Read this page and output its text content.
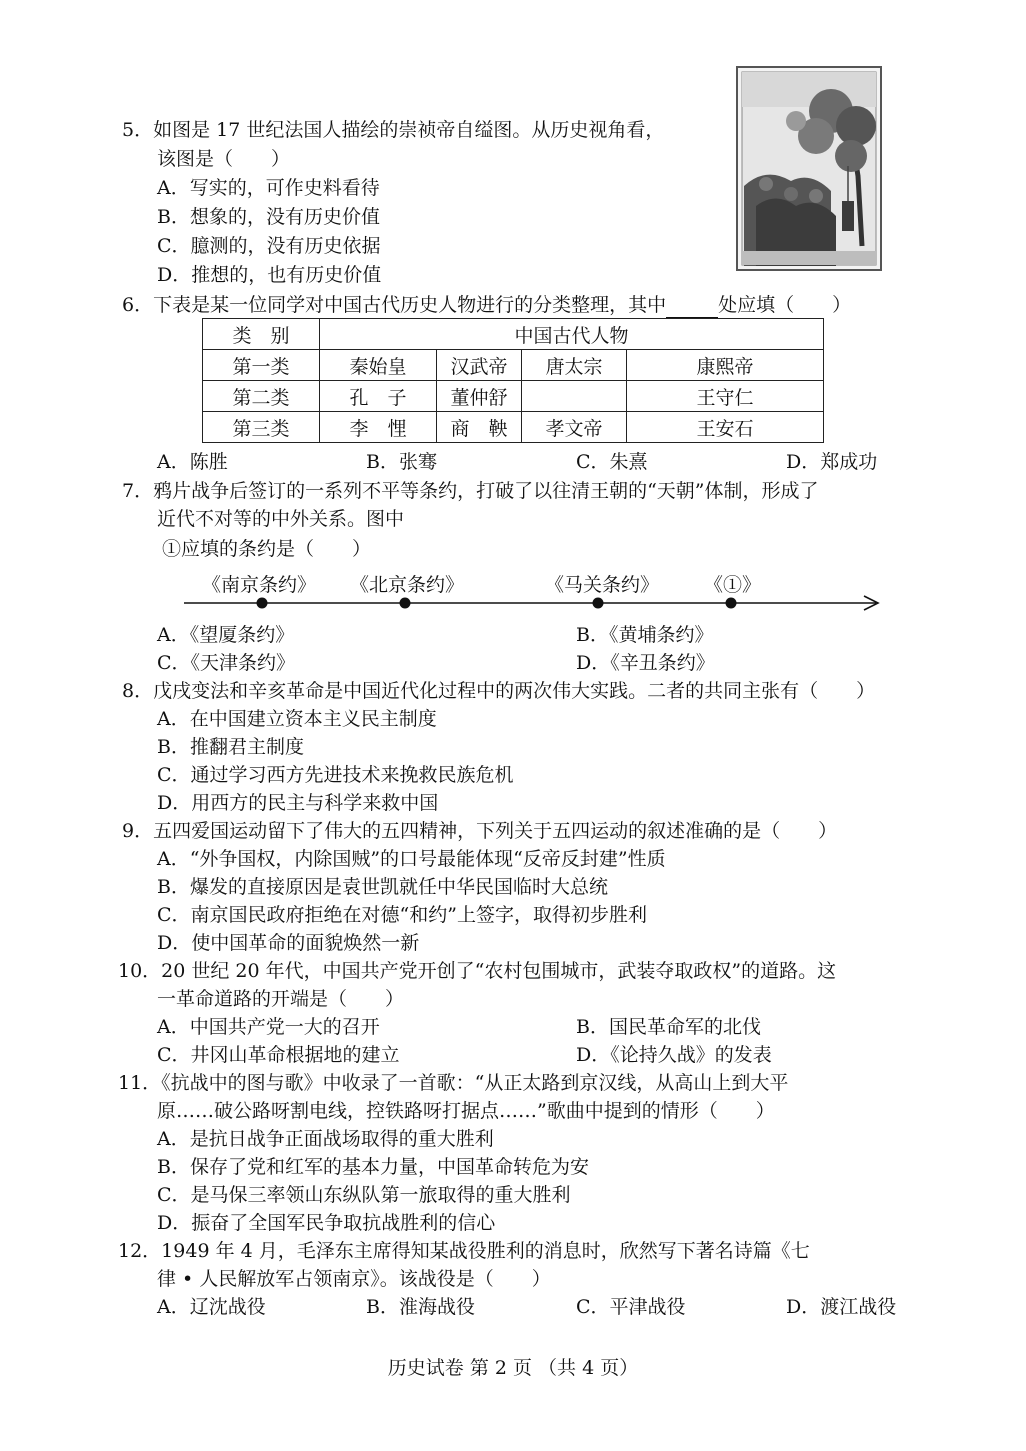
5．如图是 17 世纪法国人描绘的崇祯帝自缢图。从历史视角看，
该图是（　　）
A．写实的，可作史料看待
B．想象的，没有历史价值
C．臆测的，没有历史依据
D．推想的，也有历史价值
6．下表是某一位同学对中国古代历史人物进行的分类整理，其中	处应填（　　）
类　别	中国古代人物			
第一类	秦始皇	汉武帝	唐太宗	康熙帝
第二类	孔　子	董仲舒		王守仁
第三类	李　悝	商　鞅	孝文帝	王安石
A．陈胜	B．张骞	C．朱熹	D．郑成功
7．鸦片战争后签订的一系列不平等条约，打破了以往清王朝的“天朝”体制，形成了
近代不对等的中外关系。图中
①应填的条约是（　　）
《南京条约》 《北京条约》	《马关条约》 《①》
A．《望厦条约》	B．《黄埔条约》
C．《天津条约》	D．《辛丑条约》
8．戊戌变法和辛亥革命是中国近代化过程中的两次伟大实践。二者的共同主张有（　　）
A．在中国建立资本主义民主制度
B．推翻君主制度
C．通过学习西方先进技术来挽救民族危机
D．用西方的民主与科学来救中国
9．五四爱国运动留下了伟大的五四精神，下列关于五四运动的叙述准确的是（　　）
A．“外争国权，内除国贼”的口号最能体现“反帝反封建”性质
B．爆发的直接原因是袁世凯就任中华民国临时大总统
C．南京国民政府拒绝在对德“和约”上签字，取得初步胜利
D．使中国革命的面貌焕然一新
10．20 世纪 20 年代，中国共产党开创了“农村包围城市，武装夺取政权”的道路。这
一革命道路的开端是（　　）
A．中国共产党一大的召开	B．国民革命军的北伐
C．井冈山革命根据地的建立	D．《论持久战》的发表
11．《抗战中的图与歌》中收录了一首歌：“从正太路到京汉线，从高山上到大平
原……破公路呀割电线，控铁路呀打据点……”歌曲中提到的情形（　　）
A．是抗日战争正面战场取得的重大胜利
B．保存了党和红军的基本力量，中国革命转危为安
C．是马保三率领山东纵队第一旅取得的重大胜利
D．振奋了全国军民争取抗战胜利的信心
12．1949 年 4 月，毛泽东主席得知某战役胜利的消息时，欣然写下著名诗篇《七
律 • 人民解放军占领南京》。该战役是（　　）
A．辽沈战役	B．淮海战役	C．平津战役	D．渡江战役
历史试卷 第 2 页 （共 4 页）
